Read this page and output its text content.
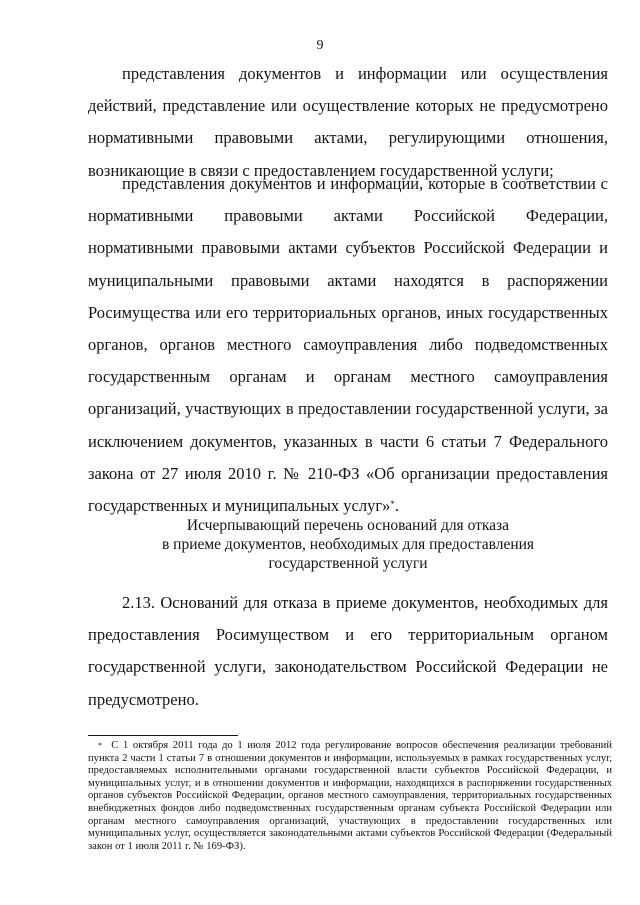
9

представления документов и информации или осуществления действий, представление или осуществление которых не предусмотрено нормативными правовыми актами, регулирующими отношения, возникающие в связи с предоставлением государственной услуги;

представления документов и информации, которые в соответствии с нормативными правовыми актами Российской Федерации, нормативными правовыми актами субъектов Российской Федерации и муниципальными правовыми актами находятся в распоряжении Росимущества или его территориальных органов, иных государственных органов, органов местного самоуправления либо подведомственных государственным органам и органам местного самоуправления организаций, участвующих в предоставлении государственной услуги, за исключением документов, указанных в части 6 статьи 7 Федерального закона от 27 июля 2010 г. № 210-ФЗ «Об организации предоставления государственных и муниципальных услуг»*.

Исчерпывающий перечень оснований для отказа
в приеме документов, необходимых для предоставления
государственной услуги

2.13. Оснований для отказа в приеме документов, необходимых для предоставления Росимуществом и его территориальным органом государственной услуги, законодательством Российской Федерации не предусмотрено.

* С 1 октября 2011 года до 1 июля 2012 года регулирование вопросов обеспечения реализации требований пункта 2 части 1 статьи 7 в отношении документов и информации, используемых в рамках государственных услуг, предоставляемых исполнительными органами государственной власти субъектов Российской Федерации, и муниципальных услуг, и в отношении документов и информации, находящихся в распоряжении государственных органов субъектов Российской Федерации, органов местного самоуправления, территориальных государственных внебюджетных фондов либо подведомственных государственным органам субъекта Российской Федерации или органам местного самоуправления организаций, участвующих в предоставлении государственных или муниципальных услуг, осуществляется законодательными актами субъектов Российской Федерации (Федеральный закон от 1 июля 2011 г. № 169-ФЗ).
